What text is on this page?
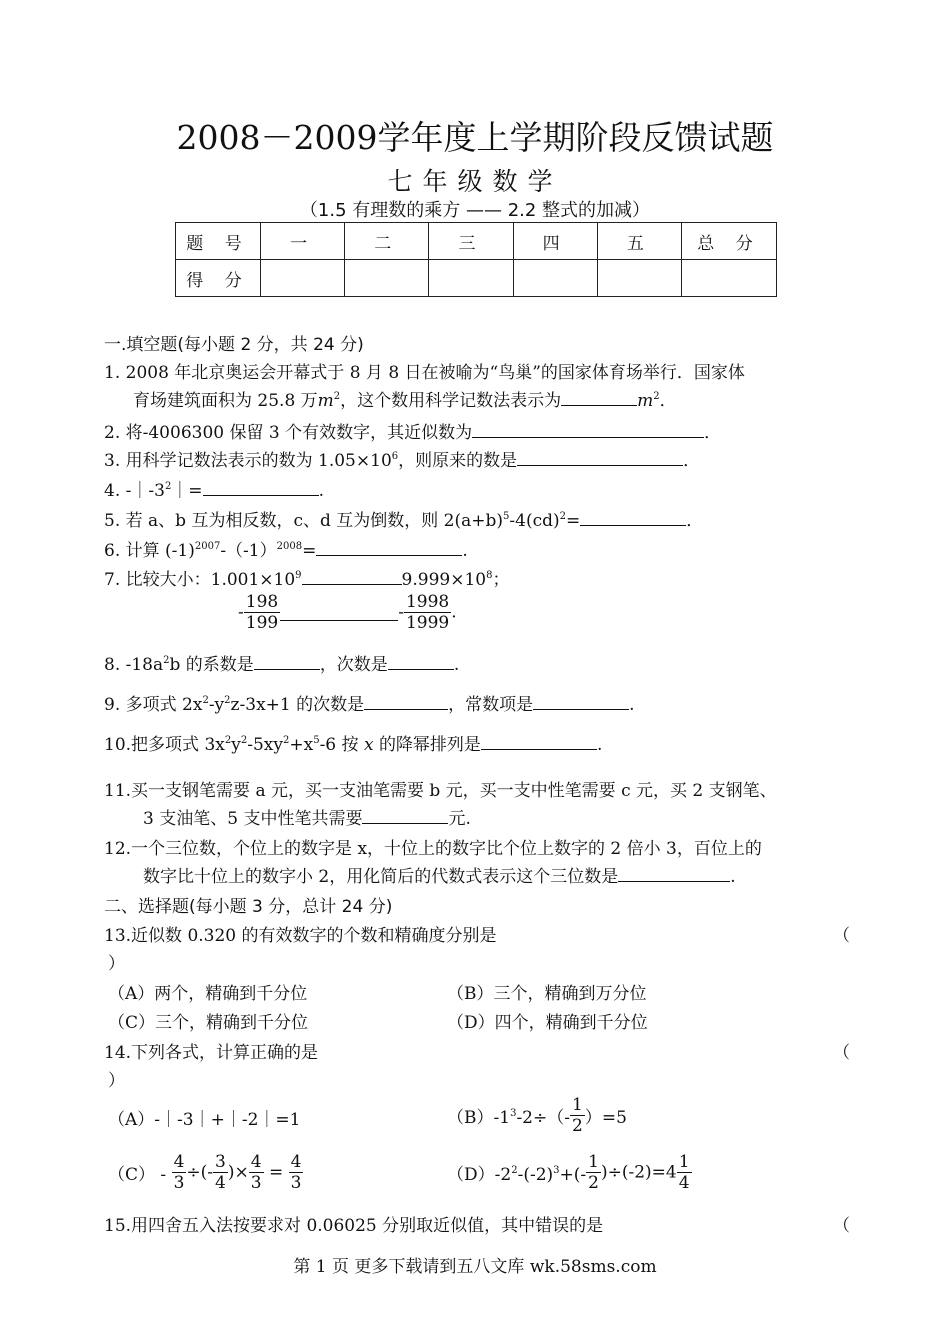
2008－2009学年度上学期阶段反馈试题
七年级数学
（1.5 有理数的乘方 —— 2.2 整式的加减）
题 号	一	二	三	四	五	总 分
得 分						
一.填空题(每小题 2 分，共 24 分)
1. 2008 年北京奥运会开幕式于 8 月 8 日在被喻为“鸟巢”的国家体育场举行．国家体
育场建筑面积为 25.8 万$m^2$，这个数用科学记数法表示为	$m^2$．
2. 将-4006300 保留 3 个有效数字，其近似数为	．
3. 用科学记数法表示的数为 $1.05\times 10^6$，则原来的数是	．
4. $-|-3^2|=$	.
5. 若 a、b 互为相反数，c、d 互为倒数，则 $2(a+b)^5-4(cd)^2=$	．
6. 计算 $(-1)^{2007}-(-1)^{2008}=$	.
7. 比较大小：$1.001\times 10^9$	$9.999\times 10^8$；
- $\frac{198}{199}$	- $\frac{1998}{1999}$ .
8. $-18a^2b$ 的系数是	，次数是	.
9. 多项式 $2x^2-y^2z-3x+1$ 的次数是	，常数项是	.
10.把多项式 $3x^2y^2-5xy^2+x^5-6$ 按 x 的降幂排列是	.
11.买一支钢笔需要 a 元，买一支油笔需要 b 元，买一支中性笔需要 c 元，买 2 支钢笔、
3 支油笔、5 支中性笔共需要	元.
12.一个三位数，个位上的数字是 x，十位上的数字比个位上数字的 2 倍小 3，百位上的
数字比十位上的数字小 2，用化简后的代数式表示这个三位数是	.
二、选择题(每小题 3 分，总计 24 分)
13.近似数 0.320 的有效数字的个数和精确度分别是	（
）
（A）两个，精确到千分位	（B）三个，精确到万分位
（C）三个，精确到千分位	（D）四个，精确到千分位
14.下列各式，计算正确的是	（
）
（A）-｜-3｜+｜-2｜=1	$(B)-1^3-2\div(- \frac{1}{2} )=5$
$(C) - \frac{4}{3}$ ÷(- $\frac{3}{4}$ )× $\frac{4}{3} = \frac{4}{3}$	$(D)-2^2-(-2)^3+(- \frac{1}{2} )\div(-2)=4 \frac{1}{4}$
15.用四舍五入法按要求对 0.06025 分别取近似值，其中错误的是	（
第 1 页 更多下载请到五八文库 wk.58sms.com
